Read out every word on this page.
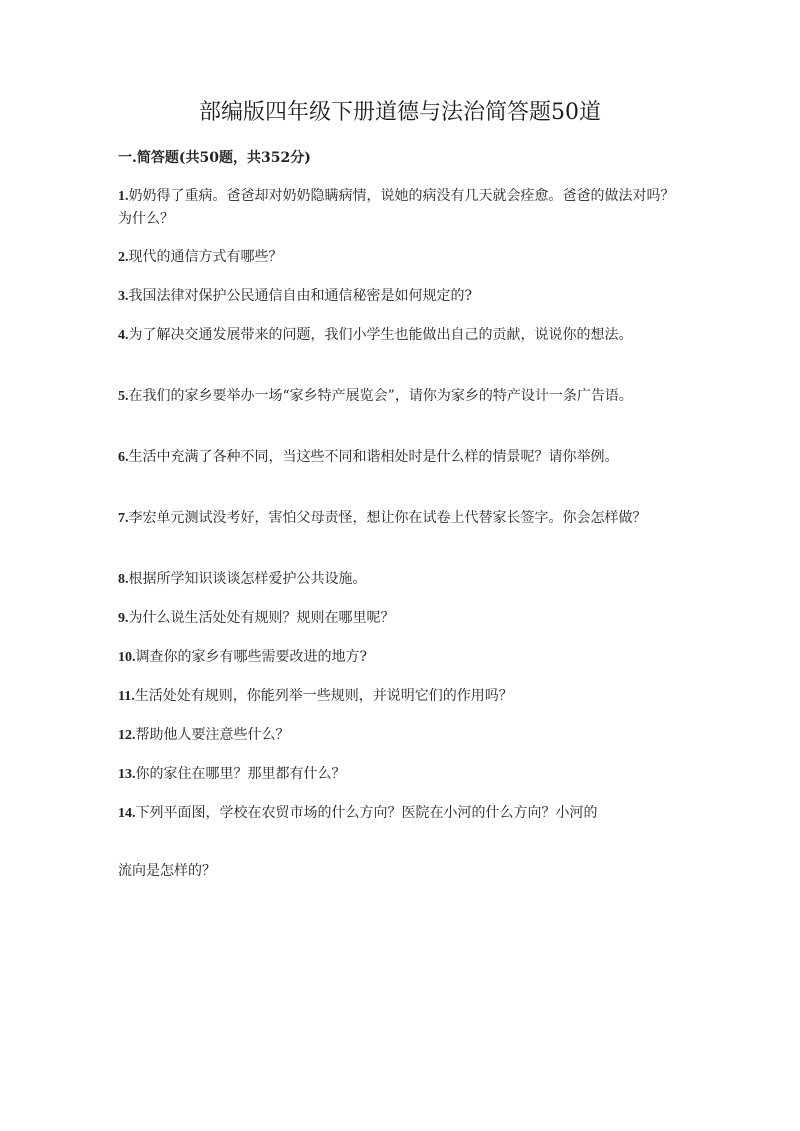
部编版四年级下册道德与法治简答题50道

一.简答题(共50题，共352分)

1.奶奶得了重病。爸爸却对奶奶隐瞒病情，说她的病没有几天就会痊愈。爸爸的做法对吗？为什么？

2.现代的通信方式有哪些？

3.我国法律对保护公民通信自由和通信秘密是如何规定的?

4.为了解决交通发展带来的问题，我们小学生也能做出自己的贡献，说说你的想法。

5.在我们的家乡要举办一场“家乡特产展览会”，请你为家乡的特产设计一条广告语。

6.生活中充满了各种不同，当这些不同和谐相处时是什么样的情景呢？请你举例。

7.李宏单元测试没考好，害怕父母责怪，想让你在试卷上代替家长签字。你会怎样做？

8.根据所学知识谈谈怎样爱护公共设施。

9.为什么说生活处处有规则？规则在哪里呢？

10.调查你的家乡有哪些需要改进的地方?

11.生活处处有规则，你能列举一些规则，并说明它们的作用吗？

12.帮助他人要注意些什么？

13.你的家住在哪里？那里都有什么？

14.下列平面图，学校在农贸市场的什么方向？医院在小河的什么方向？小河的

流向是怎样的？
